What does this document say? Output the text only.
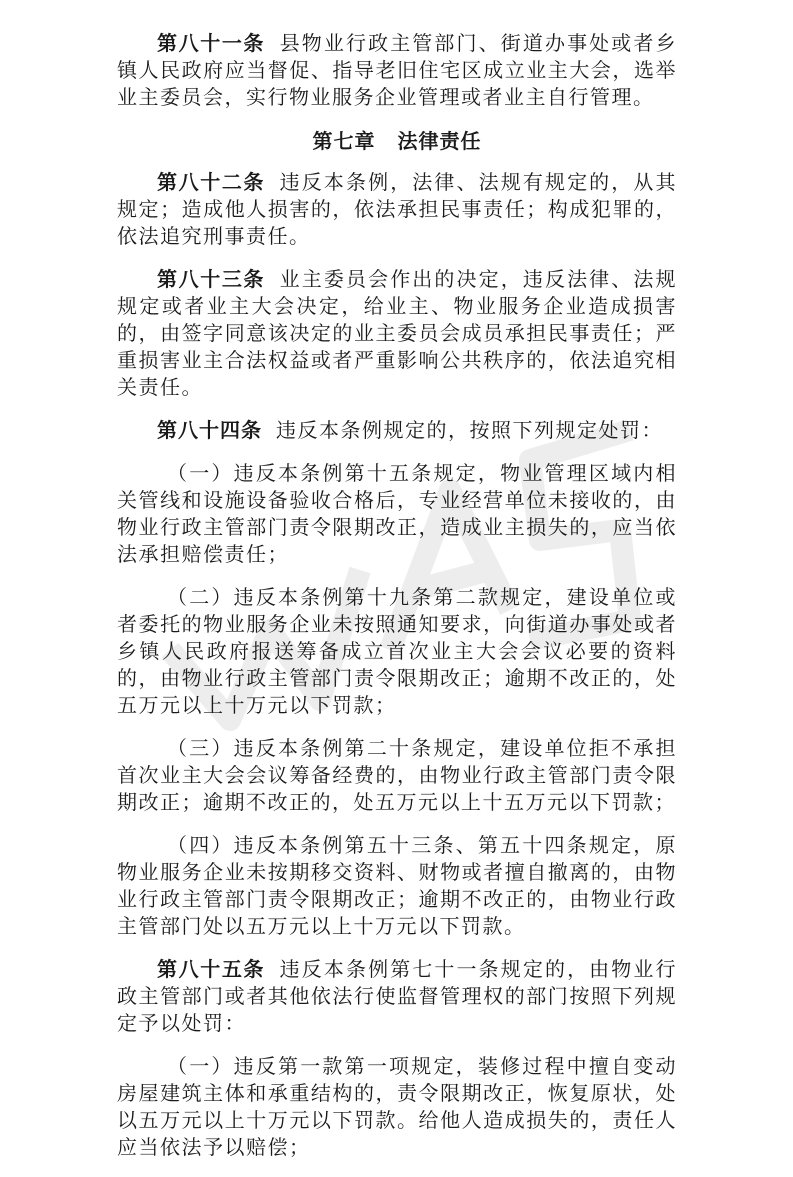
第八十一条 县物业行政主管部门、街道办事处或者乡镇人民政府应当督促、指导老旧住宅区成立业主大会，选举业主委员会，实行物业服务企业管理或者业主自行管理。

第七章 法律责任

第八十二条 违反本条例，法律、法规有规定的，从其规定；造成他人损害的，依法承担民事责任；构成犯罪的，依法追究刑事责任。

第八十三条 业主委员会作出的决定，违反法律、法规规定或者业主大会决定，给业主、物业服务企业造成损害的，由签字同意该决定的业主委员会成员承担民事责任；严重损害业主合法权益或者严重影响公共秩序的，依法追究相关责任。

第八十四条 违反本条例规定的，按照下列规定处罚：

（一）违反本条例第十五条规定，物业管理区域内相关管线和设施设备验收合格后，专业经营单位未接收的，由物业行政主管部门责令限期改正，造成业主损失的，应当依法承担赔偿责任；

（二）违反本条例第十九条第二款规定，建设单位或者委托的物业服务企业未按照通知要求，向街道办事处或者乡镇人民政府报送筹备成立首次业主大会会议必要的资料的，由物业行政主管部门责令限期改正；逾期不改正的，处五万元以上十万元以下罚款；

（三）违反本条例第二十条规定，建设单位拒不承担首次业主大会会议筹备经费的，由物业行政主管部门责令限期改正；逾期不改正的，处五万元以上十五万元以下罚款；

（四）违反本条例第五十三条、第五十四条规定，原物业服务企业未按期移交资料、财物或者擅自撤离的，由物业行政主管部门责令限期改正；逾期不改正的，由物业行政主管部门处以五万元以上十万元以下罚款。

第八十五条 违反本条例第七十一条规定的，由物业行政主管部门或者其他依法行使监督管理权的部门按照下列规定予以处罚：

（一）违反第一款第一项规定，装修过程中擅自变动房屋建筑主体和承重结构的，责令限期改正，恢复原状，处以五万元以上十万元以下罚款。给他人造成损失的，责任人应当依法予以赔偿；
